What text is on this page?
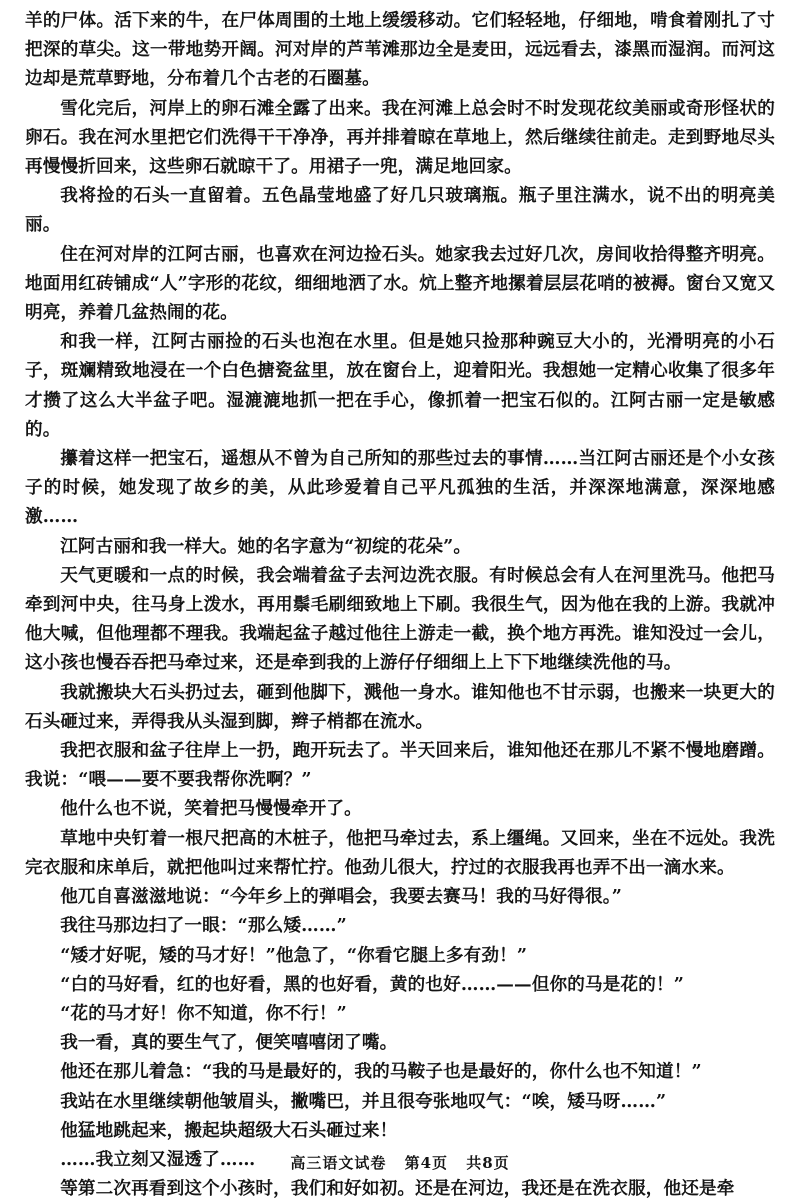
羊的尸体。活下来的牛，在尸体周围的土地上缓缓移动。它们轻轻地，仔细地，啃食着刚扎了寸把深的草尖。这一带地势开阔。河对岸的芦苇滩那边全是麦田，远远看去，漆黑而湿润。而河这边却是荒草野地，分布着几个古老的石圈墓。

雪化完后，河岸上的卵石滩全露了出来。我在河滩上总会时不时发现花纹美丽或奇形怪状的卵石。我在河水里把它们洗得干干净净，再并排着晾在草地上，然后继续往前走。走到野地尽头再慢慢折回来，这些卵石就晾干了。用裙子一兜，满足地回家。

我将捡的石头一直留着。五色晶莹地盛了好几只玻璃瓶。瓶子里注满水，说不出的明亮美丽。

住在河对岸的江阿古丽，也喜欢在河边捡石头。她家我去过好几次，房间收拾得整齐明亮。地面用红砖铺成“人”字形的花纹，细细地洒了水。炕上整齐地摞着层层花哨的被褥。窗台又宽又明亮，养着几盆热闹的花。

和我一样，江阿古丽捡的石头也泡在水里。但是她只捡那种豌豆大小的，光滑明亮的小石子，斑斓精致地浸在一个白色搪瓷盆里，放在窗台上，迎着阳光。我想她一定精心收集了很多年才攒了这么大半盆子吧。湿漉漉地抓一把在手心，像抓着一把宝石似的。江阿古丽一定是敏感的。

攥着这样一把宝石，遥想从不曾为自己所知的那些过去的事情……当江阿古丽还是个小女孩子的时候，她发现了故乡的美，从此珍爱着自己平凡孤独的生活，并深深地满意，深深地感激……

江阿古丽和我一样大。她的名字意为“初绽的花朵”。

天气更暖和一点的时候，我会端着盆子去河边洗衣服。有时候总会有人在河里洗马。他把马牵到河中央，往马身上泼水，再用鬃毛刷细致地上下刷。我很生气，因为他在我的上游。我就冲他大喊，但他理都不理我。我端起盆子越过他往上游走一截，换个地方再洗。谁知没过一会儿，这小孩也慢吞吞把马牵过来，还是牵到我的上游仔仔细细上上下下地继续洗他的马。

我就搬块大石头扔过去，砸到他脚下，溅他一身水。谁知他也不甘示弱，也搬来一块更大的石头砸过来，弄得我从头湿到脚，辫子梢都在流水。

我把衣服和盆子往岸上一扔，跑开玩去了。半天回来后，谁知他还在那儿不紧不慢地磨蹭。我说：“喂——要不要我帮你洗啊？”

他什么也不说，笑着把马慢慢牵开了。

草地中央钉着一根尺把高的木桩子，他把马牵过去，系上缰绳。又回来，坐在不远处。我洗完衣服和床单后，就把他叫过来帮忙拧。他劲儿很大，拧过的衣服我再也弄不出一滴水来。

他兀自喜滋滋地说：“今年乡上的弹唱会，我要去赛马！我的马好得很。”

我往马那边扫了一眼：“那么矮……”

“矮才好呢，矮的马才好！”他急了，“你看它腿上多有劲！”

“白的马好看，红的也好看，黑的也好看，黄的也好……——但你的马是花的！”

“花的马才好！你不知道，你不行！”

我一看，真的要生气了，便笑嘻嘻闭了嘴。

他还在那儿着急：“我的马是最好的，我的马鞍子也是最好的，你什么也不知道！”

我站在水里继续朝他皱眉头，撇嘴巴，并且很夸张地叹气：“唉，矮马呀……”

他猛地跳起来，搬起块超级大石头砸过来！

……我立刻又湿透了……

等第二次再看到这个小孩时，我们和好如初。还是在河边，我还是在洗衣服，他还是牵

高三语文试卷 第4页 共8页
